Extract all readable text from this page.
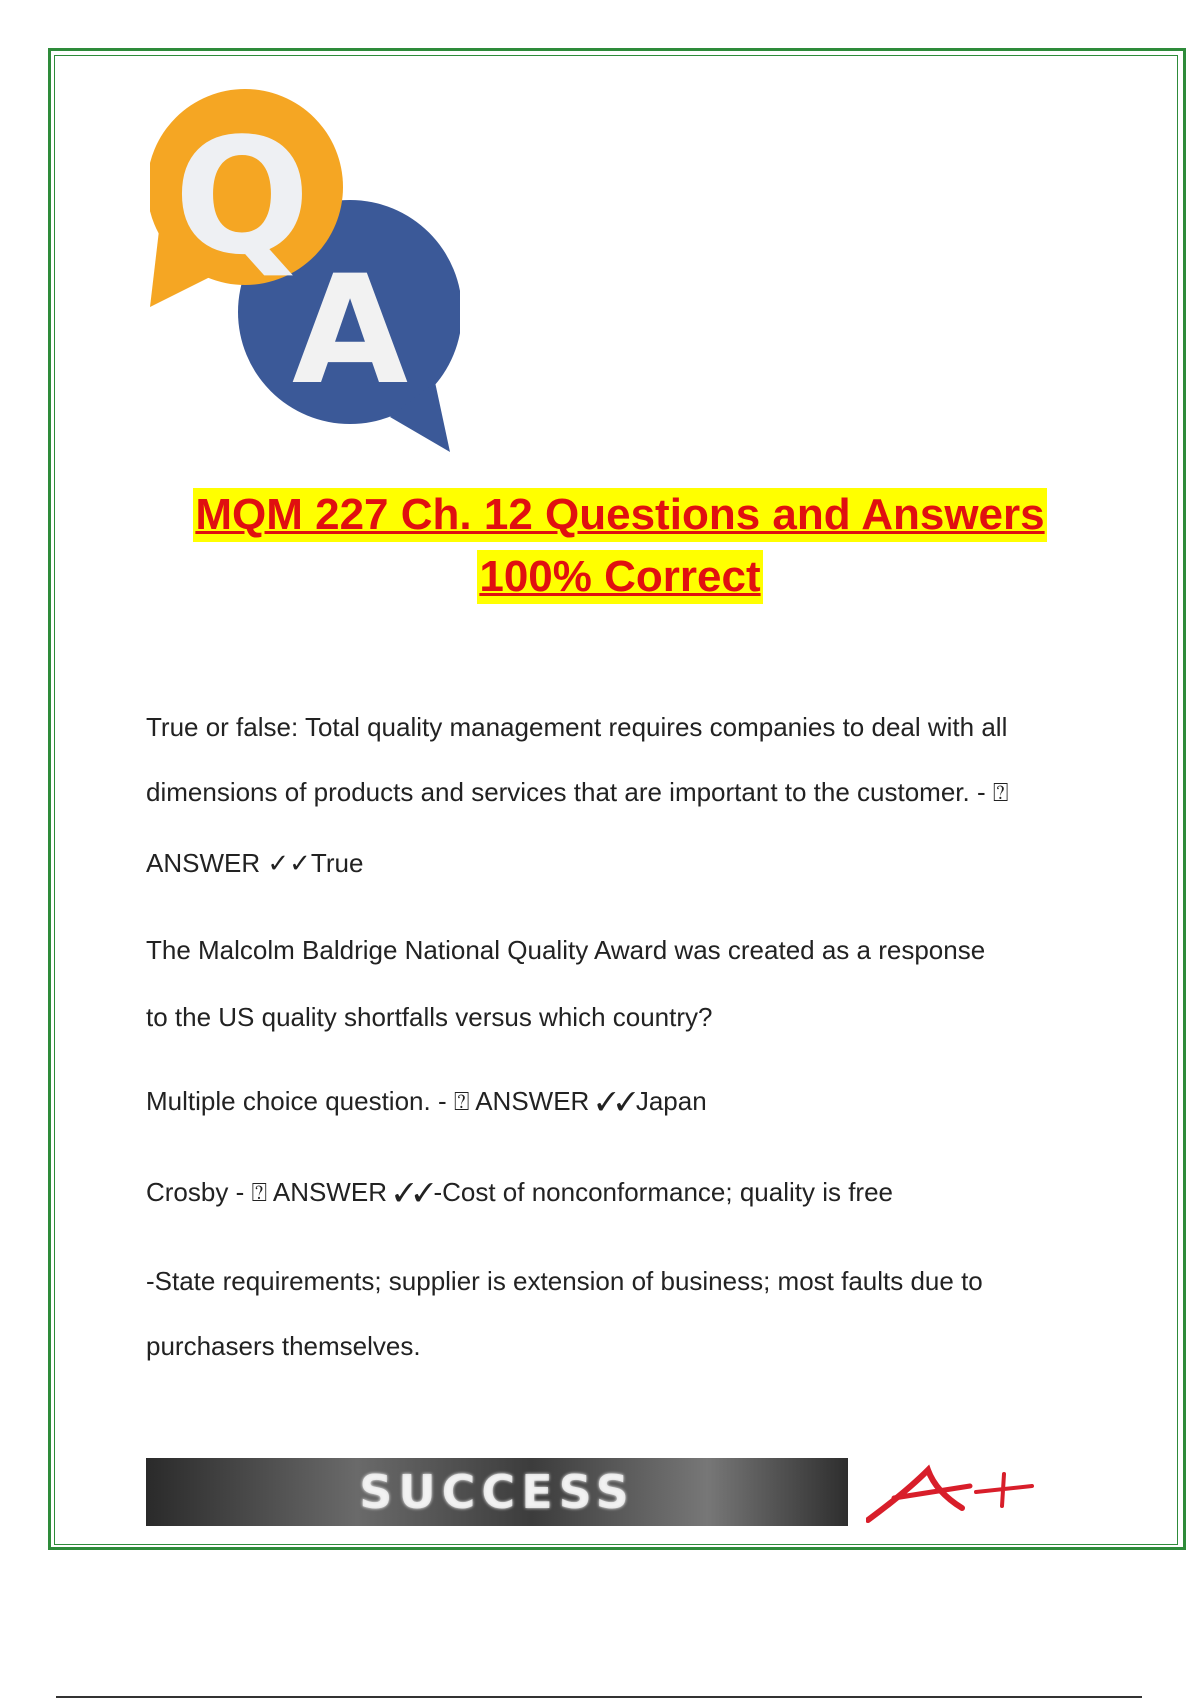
A
Q
MQM 227 Ch. 12 Questions and Answers
100% Correct
True or false: Total quality management requires companies to deal with all
dimensions of products and services that are important to the customer. - ⍰
ANSWER ✓✓True
The Malcolm Baldrige National Quality Award was created as a response
to the US quality shortfalls versus which country?
Multiple choice question. - ⍰ ANSWER ✓✓Japan
Crosby - ⍰ ANSWER ✓✓-Cost of nonconformance; quality is free
-State requirements; supplier is extension of business; most faults due to
purchasers themselves.
SUCCESS
A+
